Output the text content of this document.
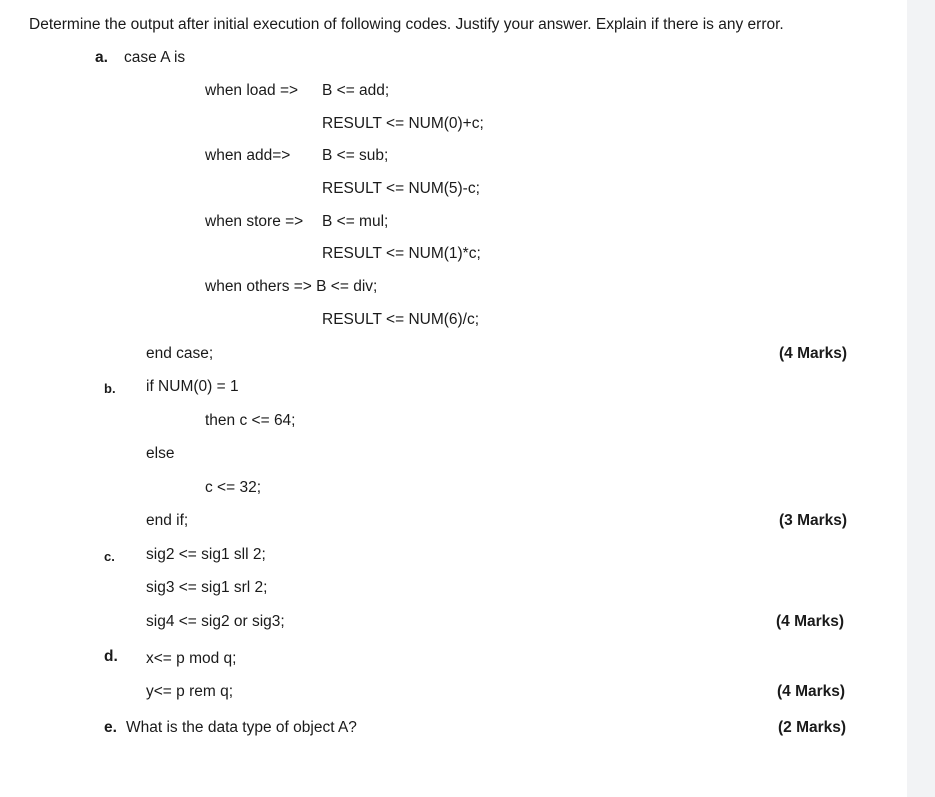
Determine the output after initial execution of following codes. Justify your answer. Explain if there is any error.
a. case A is
when load => B <= add;
RESULT <= NUM(0)+c;
when add=> B <= sub;
RESULT <= NUM(5)-c;
when store => B <= mul;
RESULT <= NUM(1)*c;
when others => B <= div;
RESULT <= NUM(6)/c;
end case;	(4 Marks)
b. if NUM(0) = 1
then c <= 64;
else
c <= 32;
end if;	(3 Marks)
c. sig2 <= sig1 sll 2;
sig3 <= sig1 srl 2;
sig4 <= sig2 or sig3;	(4 Marks)
d. x<= p mod q;
y<= p rem q;	(4 Marks)
e. What is the data type of object A?	(2 Marks)
